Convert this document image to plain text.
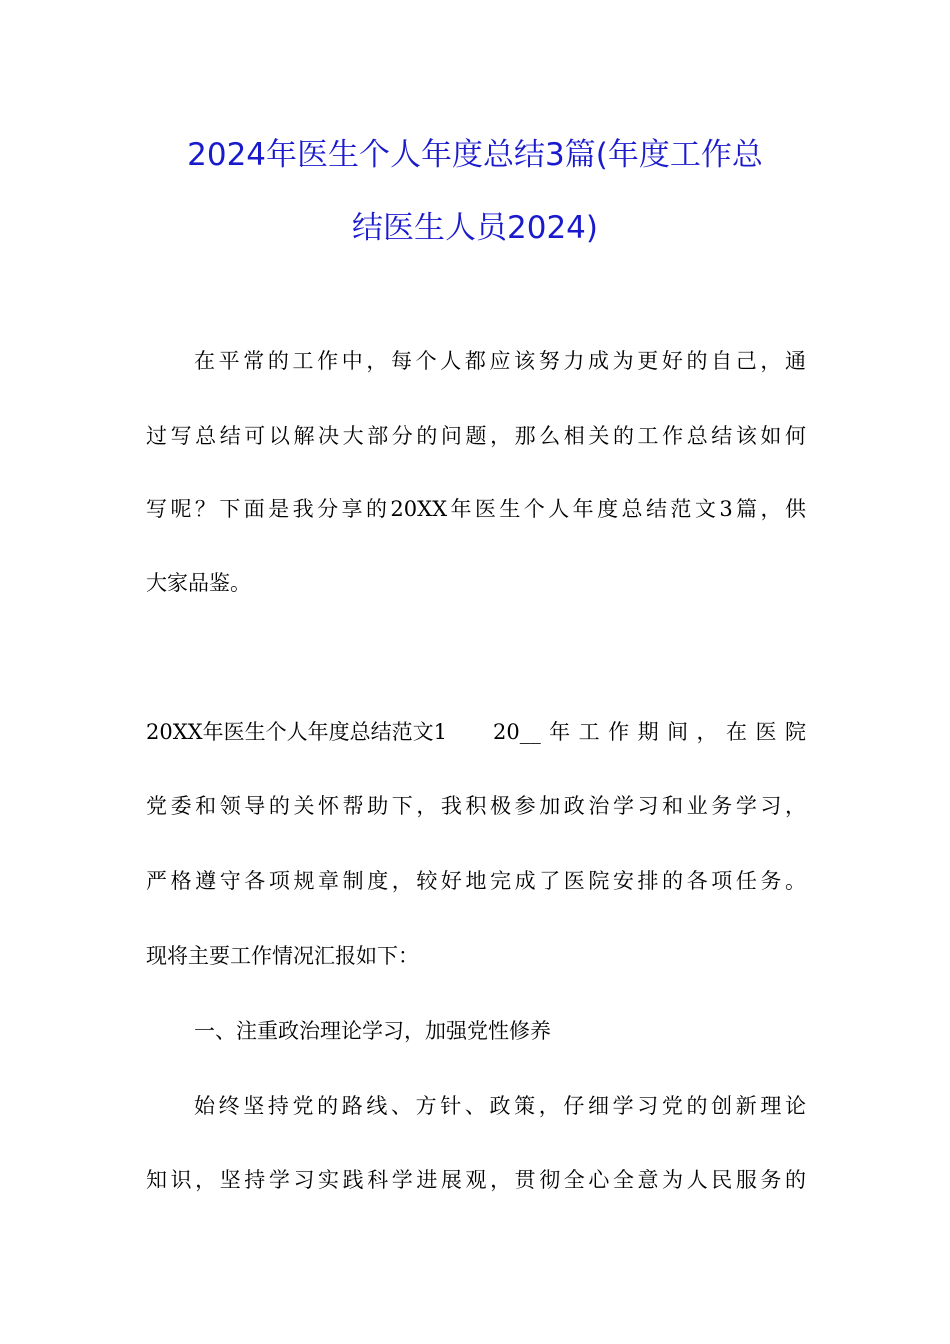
2024年医生个人年度总结3篇(年度工作总
结医生人员2024)
在平常的工作中，每个人都应该努力成为更好的自己，通
过写总结可以解决大部分的问题，那么相关的工作总结该如何
写呢？下面是我分享的20XX年医生个人年度总结范文3篇，供
大家品鉴。
20XX年医生个人年度总结范文1 20__年工作期间，在医院
党委和领导的关怀帮助下，我积极参加政治学习和业务学习，
严格遵守各项规章制度，较好地完成了医院安排的各项任务。
现将主要工作情况汇报如下：
一、注重政治理论学习，加强党性修养
始终坚持党的路线、方针、政策，仔细学习党的创新理论
知识，坚持学习实践科学进展观，贯彻全心全意为人民服务的
